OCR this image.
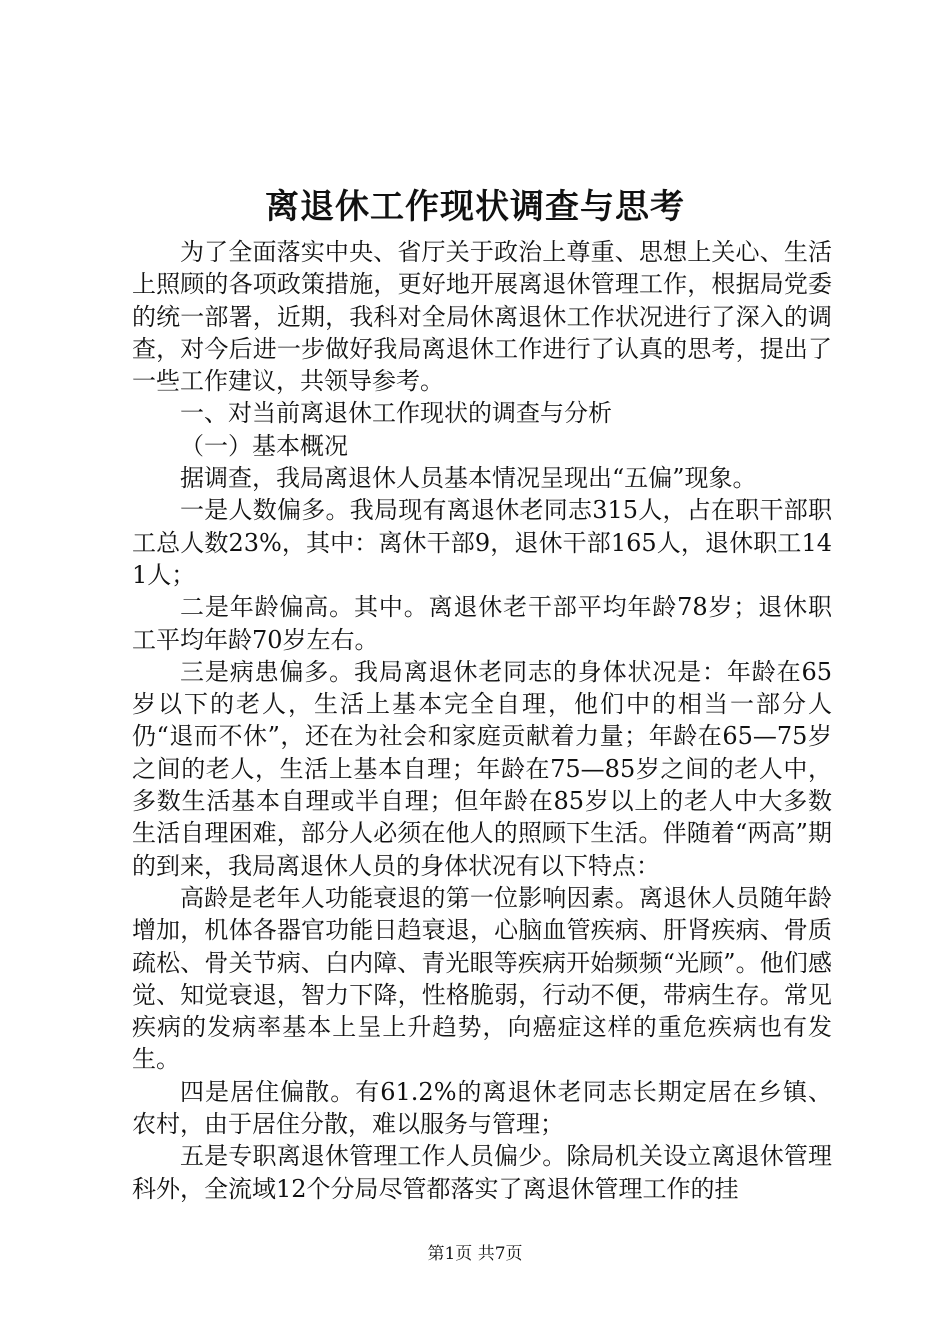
离退休工作现状调查与思考

为了全面落实中央、省厅关于政治上尊重、思想上关心、生活上照顾的各项政策措施，更好地开展离退休管理工作，根据局党委的统一部署，近期，我科对全局休离退休工作状况进行了深入的调查，对今后进一步做好我局离退休工作进行了认真的思考，提出了一些工作建议，共领导参考。

一、对当前离退休工作现状的调查与分析

（一）基本概况

据调查，我局离退休人员基本情况呈现出“五偏”现象。

一是人数偏多。我局现有离退休老同志315人，占在职干部职工总人数23%，其中：离休干部9，退休干部165人，退休职工141人；

二是年龄偏高。其中。离退休老干部平均年龄78岁；退休职工平均年龄70岁左右。

三是病患偏多。我局离退休老同志的身体状况是：年龄在65岁以下的老人，生活上基本完全自理，他们中的相当一部分人仍“退而不休”，还在为社会和家庭贡献着力量；年龄在65—75岁之间的老人，生活上基本自理；年龄在75—85岁之间的老人中，多数生活基本自理或半自理；但年龄在85岁以上的老人中大多数生活自理困难，部分人必须在他人的照顾下生活。伴随着“两高”期的到来，我局离退休人员的身体状况有以下特点：

高龄是老年人功能衰退的第一位影响因素。离退休人员随年龄增加，机体各器官功能日趋衰退，心脑血管疾病、肝肾疾病、骨质疏松、骨关节病、白内障、青光眼等疾病开始频频“光顾”。他们感觉、知觉衰退，智力下降，性格脆弱，行动不便，带病生存。常见疾病的发病率基本上呈上升趋势，向癌症这样的重危疾病也有发生。

四是居住偏散。有61.2%的离退休老同志长期定居在乡镇、农村，由于居住分散，难以服务与管理；

五是专职离退休管理工作人员偏少。除局机关设立离退休管理科外，全流域12个分局尽管都落实了离退休管理工作的挂

第1页 共7页
